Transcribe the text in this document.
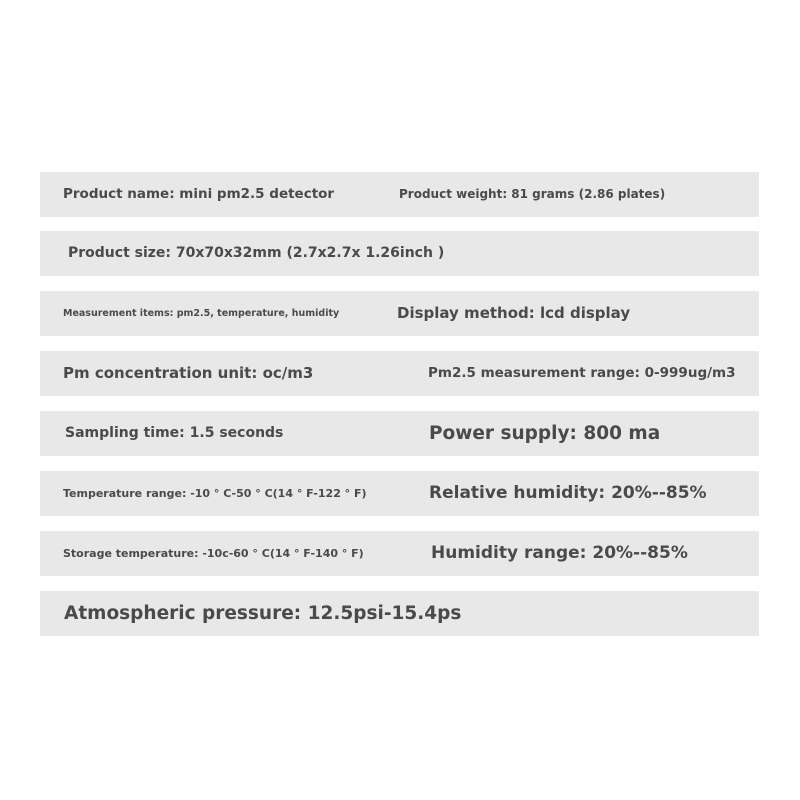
Product name: mini pm2.5 detector	Product weight: 81 grams (2.86 plates)
Product size: 70x70x32mm (2.7x2.7x 1.26inch )
Measurement items: pm2.5, temperature, humidity	Display method: lcd display
Pm concentration unit: oc/m3	Pm2.5 measurement range: 0-999ug/m3
Sampling time: 1.5 seconds	Power supply: 800 ma
Temperature range: -10 ° C-50 ° C(14 ° F-122 ° F)	Relative humidity: 20%--85%
Storage temperature: -10c-60 ° C(14 ° F-140 ° F)	Humidity range: 20%--85%
Atmospheric pressure: 12.5psi-15.4ps
